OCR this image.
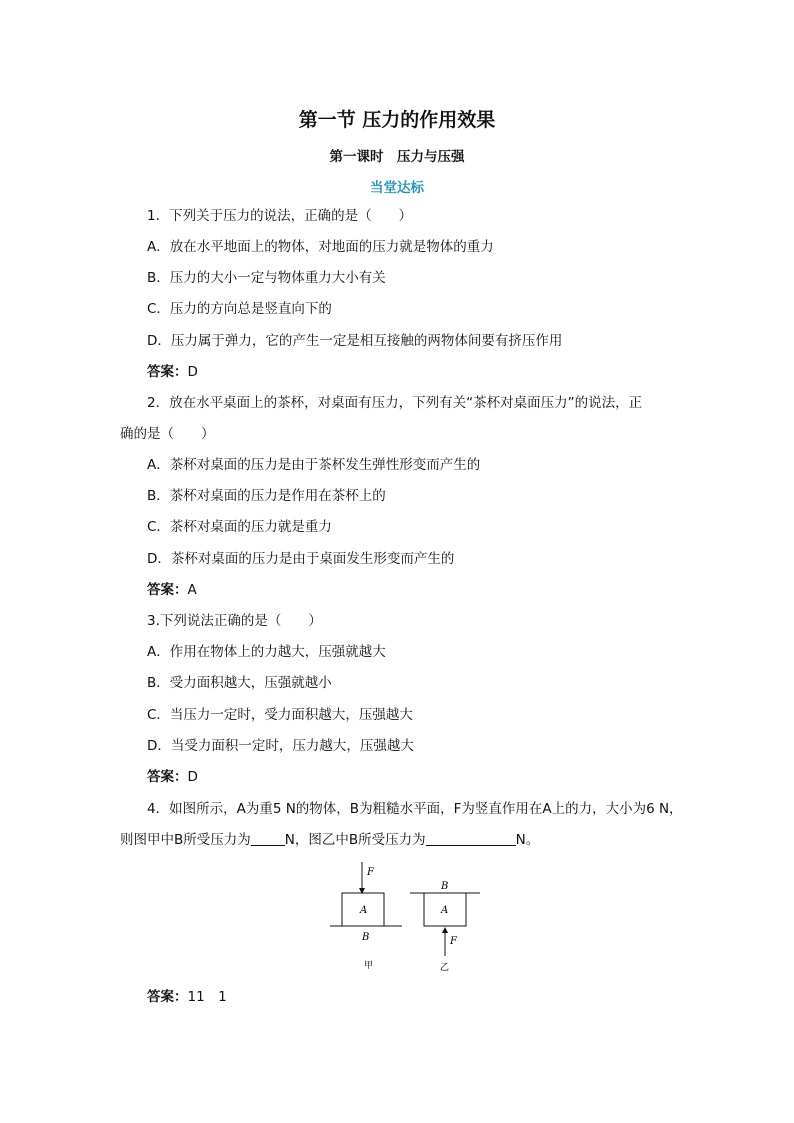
第一节 压力的作用效果
第一课时　压力与压强
当堂达标
1．下列关于压力的说法，正确的是（　　）
A．放在水平地面上的物体，对地面的压力就是物体的重力
B．压力的大小一定与物体重力大小有关
C．压力的方向总是竖直向下的
D．压力属于弹力，它的产生一定是相互接触的两物体间要有挤压作用
答案：D
2．放在水平桌面上的茶杯，对桌面有压力，下列有关“茶杯对桌面压力”的说法，正
确的是（　　）
A．茶杯对桌面的压力是由于茶杯发生弹性形变而产生的
B．茶杯对桌面的压力是作用在茶杯上的
C．茶杯对桌面的压力就是重力
D．茶杯对桌面的压力是由于桌面发生形变而产生的
答案：A
3.下列说法正确的是（　　）
A．作用在物体上的力越大，压强就越大
B．受力面积越大，压强就越小
C．当压力一定时，受力面积越大，压强越大
D．当受力面积一定时，压力越大，压强越大
答案：D
4．如图所示，A为重5 N的物体，B为粗糙水平面，F为竖直作用在A上的力，大小为6 N，
则图甲中B所受压力为	N，图乙中B所受压力为	N。
F
A
B
甲
B
A
F
乙
答案：11　1
